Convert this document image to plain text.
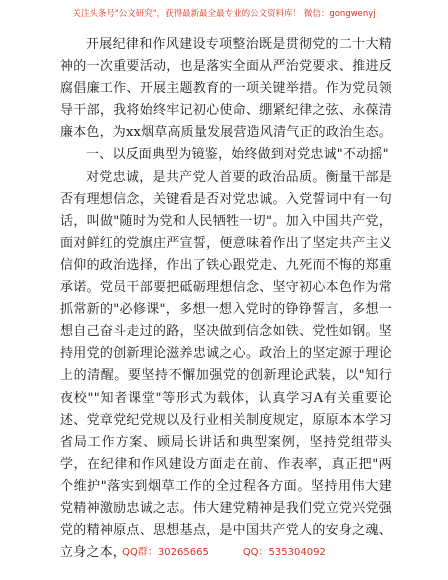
关注头条号"公文研究"，获得最新最全最专业的公文资料库！ 微信：gongwenyj

开展纪律和作风建设专项整治既是贯彻党的二十大精神的一次重要活动，也是落实全面从严治党要求、推进反腐倡廉工作、开展主题教育的一项关键举措。作为党员领导干部，我将始终牢记初心使命、绷紧纪律之弦、永葆清廉本色，为xx烟草高质量发展营造风清气正的政治生态。

一、以反面典型为镜鉴，始终做到对党忠诚"不动摇"

对党忠诚，是共产党人首要的政治品质。衡量干部是否有理想信念，关键看是否对党忠诚。入党誓词中有一句话，叫做"随时为党和人民牺牲一切"。加入中国共产党，面对鲜红的党旗庄严宣誓，便意味着作出了坚定共产主义信仰的政治选择，作出了铁心跟党走、九死而不悔的郑重承诺。党员干部要把砥砺理想信念、坚守初心本色作为常抓常新的"必修课"，多想一想入党时的铮铮誓言，多想一想自己奋斗走过的路，坚决做到信念如铁、党性如钢。坚持用党的创新理论滋养忠诚之心。政治上的坚定源于理论上的清醒。要坚持不懈加强党的创新理论武装，以"知行夜校""知者课堂"等形式为载体，认真学习A有关重要论述、党章党纪党规以及行业相关制度规定，原原本本学习省局工作方案、顾局长讲话和典型案例，坚持党组带头学，在纪律和作风建设方面走在前、作表率，真正把"两个维护"落实到烟草工作的全过程各方面。坚持用伟大建党精神激励忠诚之志。伟大建党精神是我们党立党兴党强党的精神原点、思想基点，是中国共产党人的安身之魂、立身之本，

QQ群：30265665	QQ：535304092
